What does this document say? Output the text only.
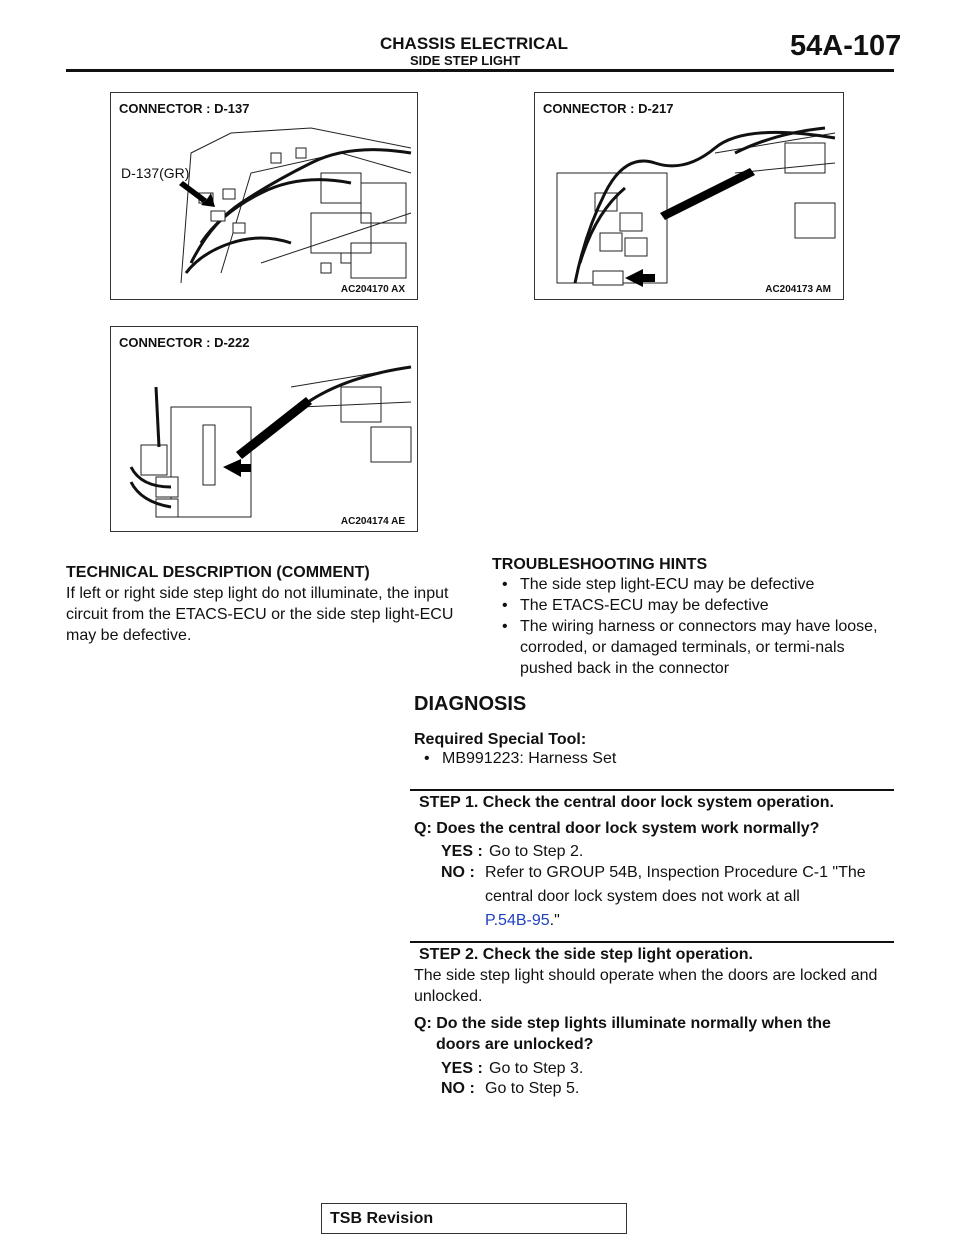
CHASSIS ELECTRICAL
SIDE STEP LIGHT	54A-107
CONNECTOR : D-137
D-137(GR)
AC204170 AX
CONNECTOR : D-217
AC204173 AM
CONNECTOR : D-222
AC204174 AE
TECHNICAL DESCRIPTION (COMMENT)
If left or right side step light do not illuminate, the input circuit from the ETACS-ECU or the side step light-ECU may be defective.
TROUBLESHOOTING HINTS
• The side step light-ECU may be defective
• The ETACS-ECU may be defective
• The wiring harness or connectors may have loose, corroded, or damaged terminals, or termi-nals pushed back in the connector
DIAGNOSIS
Required Special Tool:
• MB991223: Harness Set
STEP 1. Check the central door lock system operation.
Q: Does the central door lock system work normally?
YES : Go to Step 2.
NO : Refer to GROUP 54B, Inspection Procedure C-1 "The central door lock system does not work at all
P.54B-95."
STEP 2. Check the side step light operation.
The side step light should operate when the doors are locked and unlocked.
Q: Do the side step lights illuminate normally when the
doors are unlocked?
YES : Go to Step 3.
NO : Go to Step 5.
TSB Revision
